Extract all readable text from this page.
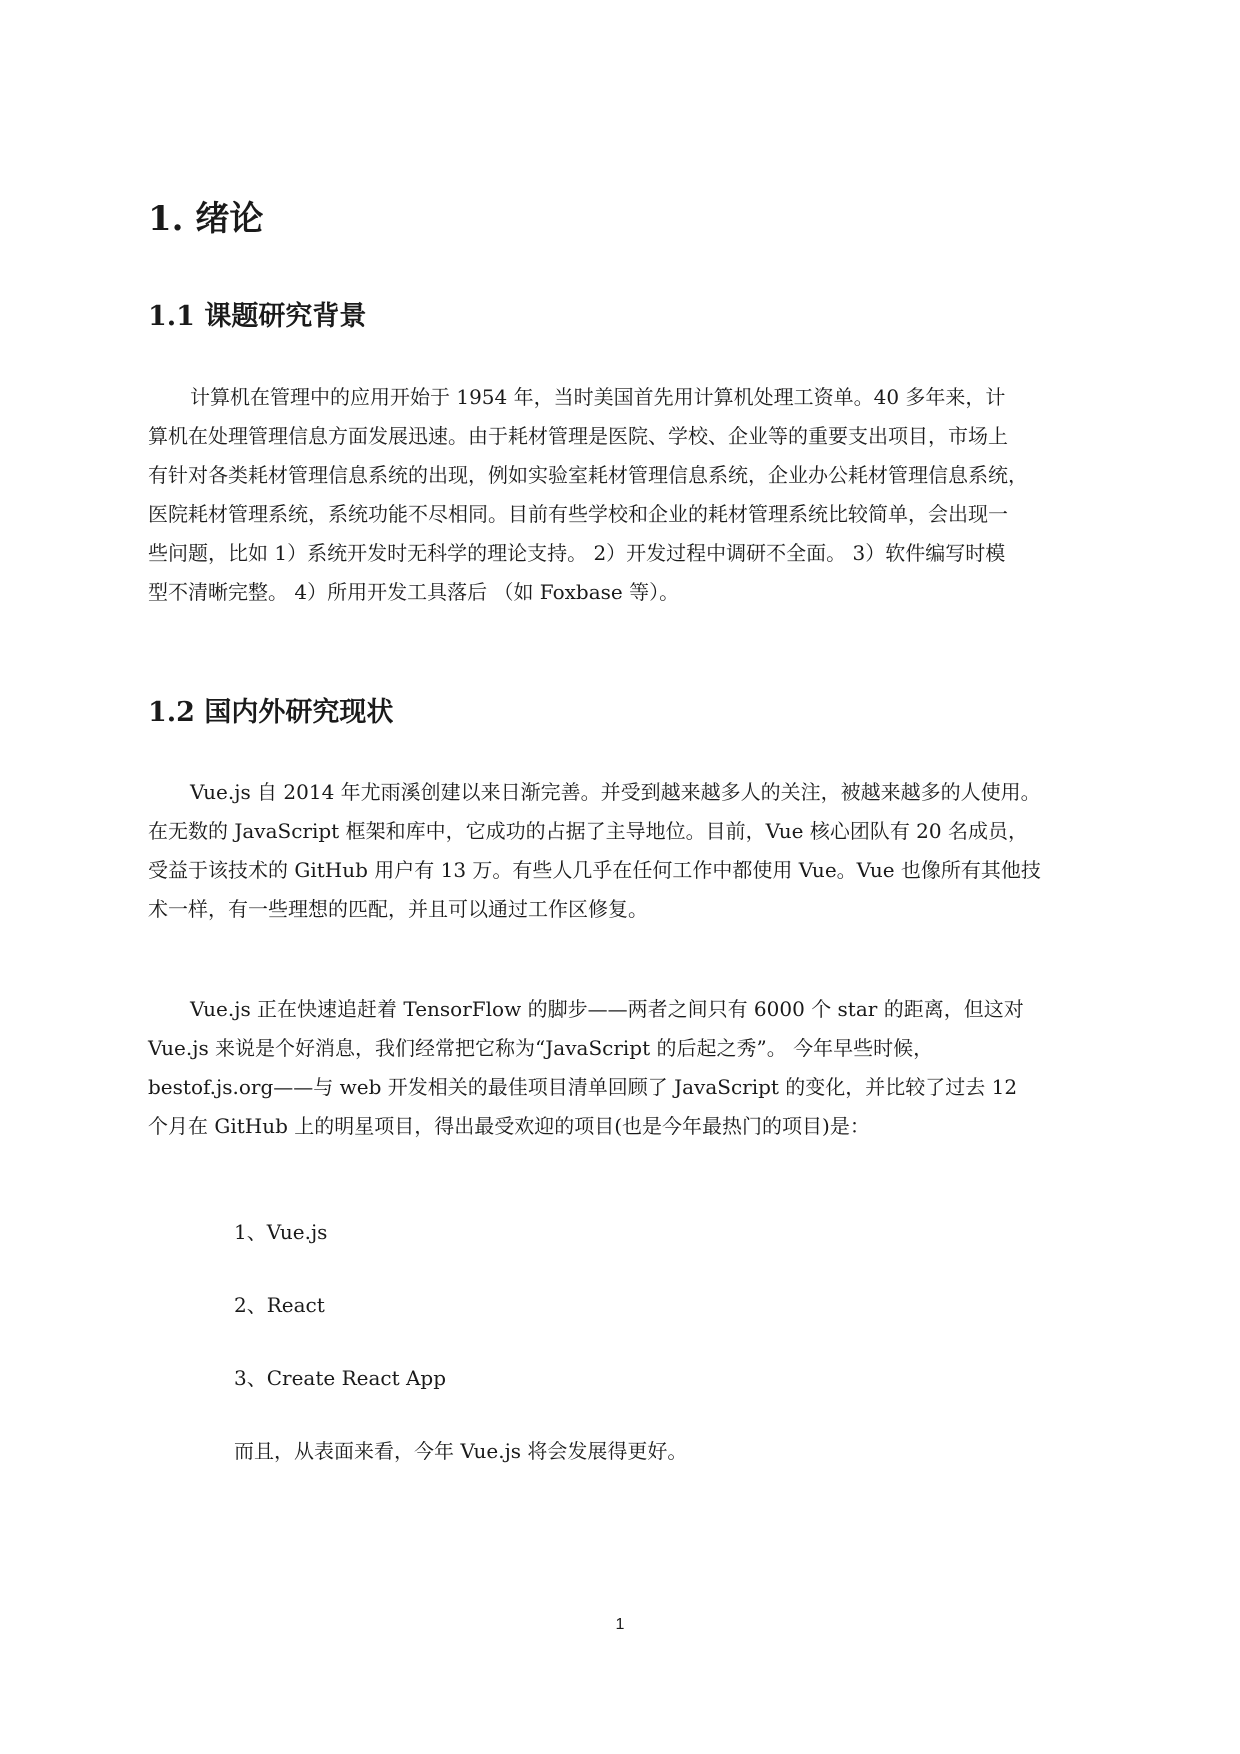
1. 绪论
1.1 课题研究背景
计算机在管理中的应用开始于 1954 年，当时美国首先用计算机处理工资单。40 多年来，计
算机在处理管理信息方面发展迅速。由于耗材管理是医院、学校、企业等的重要支出项目，市场上
有针对各类耗材管理信息系统的出现，例如实验室耗材管理信息系统，企业办公耗材管理信息系统，
医院耗材管理系统，系统功能不尽相同。目前有些学校和企业的耗材管理系统比较简单，会出现一
些问题，比如 1）系统开发时无科学的理论支持。 2）开发过程中调研不全面。 3）软件编写时模
型不清晰完整。 4）所用开发工具落后 （如 Foxbase 等）。
1.2 国内外研究现状
Vue.js 自 2014 年尤雨溪创建以来日渐完善。并受到越来越多人的关注，被越来越多的人使用。
在无数的 JavaScript 框架和库中，它成功的占据了主导地位。目前，Vue 核心团队有 20 名成员，
受益于该技术的 GitHub 用户有 13 万。有些人几乎在任何工作中都使用 Vue。Vue 也像所有其他技
术一样，有一些理想的匹配，并且可以通过工作区修复。
Vue.js 正在快速追赶着 TensorFlow 的脚步——两者之间只有 6000 个 star 的距离，但这对
Vue.js 来说是个好消息，我们经常把它称为“JavaScript 的后起之秀”。 今年早些时候，
bestof.js.org——与 web 开发相关的最佳项目清单回顾了 JavaScript 的变化，并比较了过去 12
个月在 GitHub 上的明星项目，得出最受欢迎的项目(也是今年最热门的项目)是：

1、Vue.js

2、React

3、Create React App

而且，从表面来看，今年 Vue.js 将会发展得更好。

1
